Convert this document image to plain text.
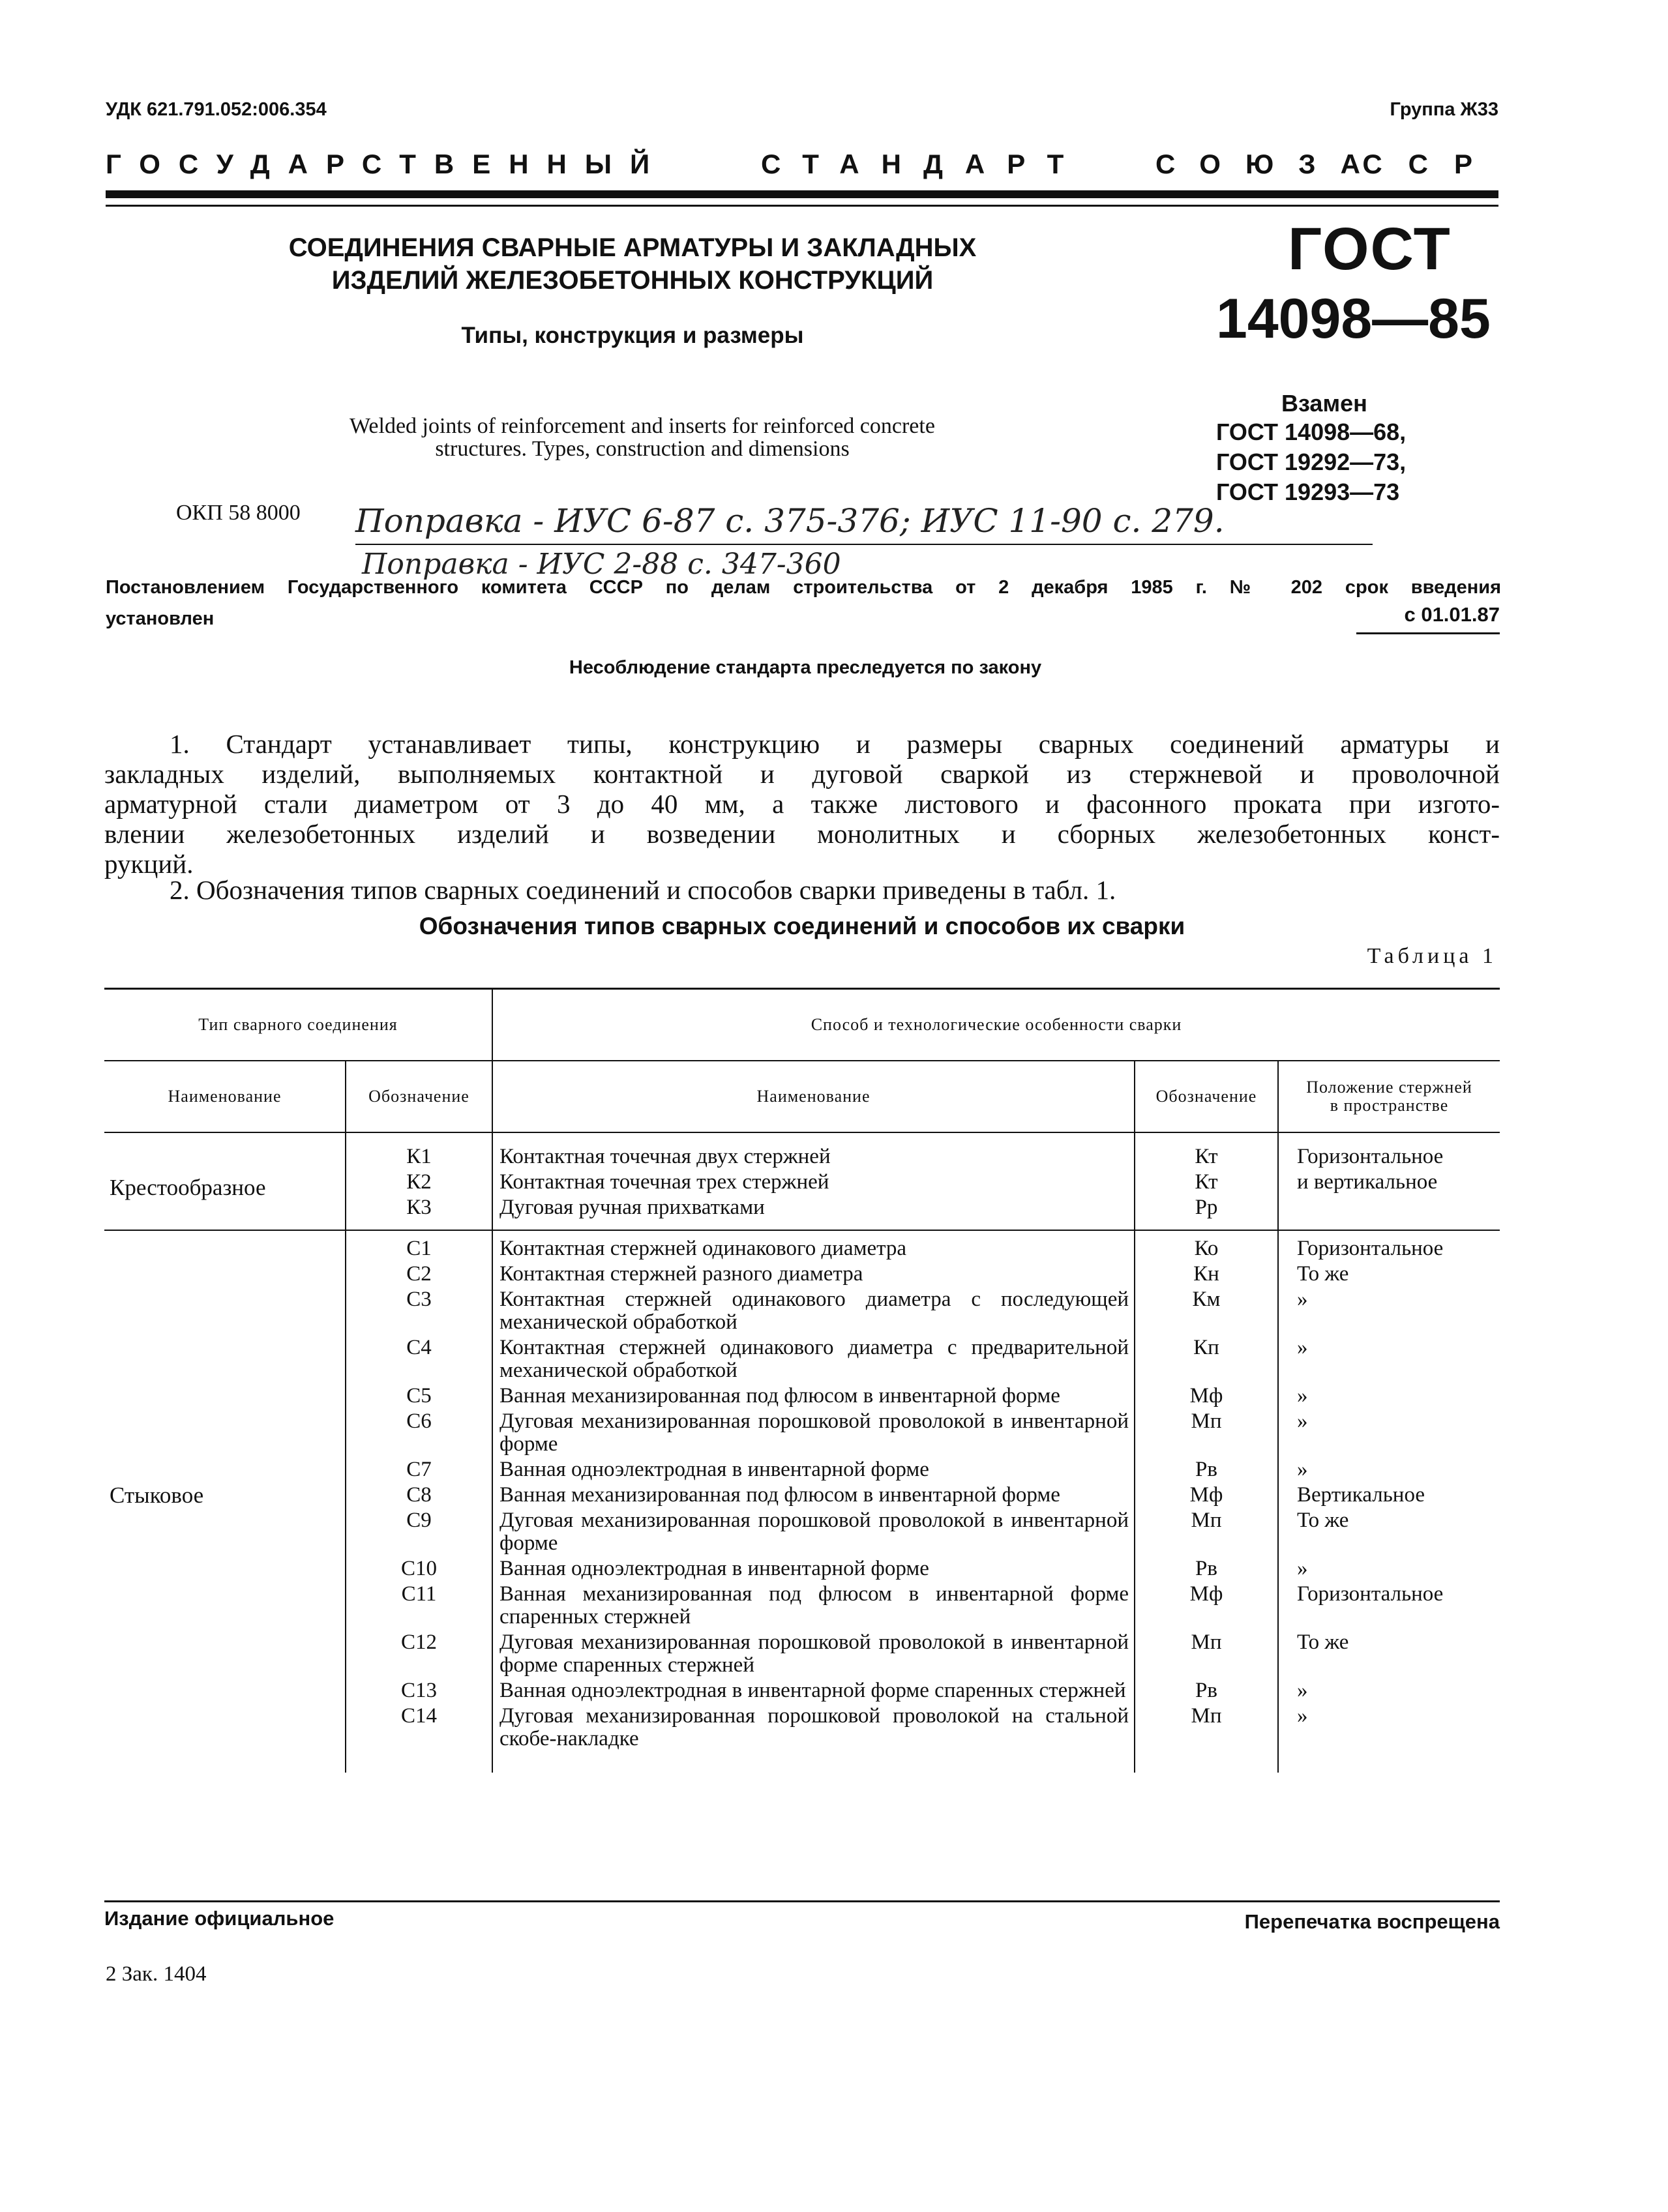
УДК 621.791.052:006.354	Группа Ж33
ГОСУДАРСТВЕННЫЙ	СТАНДАРТ	СОЮЗА
ССР
СОЕДИНЕНИЯ СВАРНЫЕ АРМАТУРЫ И ЗАКЛАДНЫХ
ИЗДЕЛИЙ ЖЕЛЕЗОБЕТОННЫХ КОНСТРУКЦИЙ
Типы, конструкция и размеры
Welded joints of reinforcement and inserts for reinforced concrete
structures. Types, construction and dimensions
ГОСТ
14098—85
Взамен
ГОСТ 14098—68,
ГОСТ 19292—73,
ГОСТ 19293—73
ОКП 58 8000 Поправка - ИУС 6-87 с. 375-376; ИУС 11-90 с. 279.
Поправка - ИУС 2-88 с. 347-360
Постановлением Государственного комитета СССР по делам строительства от 2 декабря 1985 г. № 202 срок введения
установлен	с 01.01.87
Несоблюдение стандарта преследуется по закону
1. Стандарт устанавливает типы, конструкцию и размеры сварных соединений арматуры и
закладных изделий, выполняемых контактной и дуговой сваркой из стержневой и проволочной
арматурной стали диаметром от 3 до 40 мм, а также листового и фасонного проката при изгото-
влении железобетонных изделий и возведении монолитных и сборных железобетонных конст-
рукций.
2. Обозначения типов сварных соединений и способов сварки приведены в табл. 1.
Обозначения типов сварных соединений и способов их сварки
Таблица 1
Тип сварного соединения		Способ и технологические особенности сварки		
Наименование	Обозначение	Наименование	Обозначение	Положение стержней
в пространстве

Крестообразное	К1	Контактная точечная двух стержней	Кт	Горизонтальное
	К2	Контактная точечная трех стержней	Кт	и вертикальное
	К3	Дуговая ручная прихватками	Рр	
Стыковое	С1	Контактная стержней одинакового диаметра	Ко	Горизонтальное
	С2	Контактная стержней разного диаметра	Кн	То же
	С3	Контактная стержней одинакового диаметра с последующей механической обработкой	Км	»
	С4	Контактная стержней одинакового диаметра с предварительной механической обработкой	Кп	»
	С5	Ванная механизированная под флюсом в инвентарной форме	Мф	»
	С6	Дуговая механизированная порошковой проволокой в инвентарной форме	Мп	»
	С7	Ванная одноэлектродная в инвентарной форме	Рв	»
	С8	Ванная механизированная под флюсом в инвентарной форме	Мф	Вертикальное
	С9	Дуговая механизированная порошковой проволокой в инвентарной форме	Мп	То же
	С10	Ванная одноэлектродная в инвентарной форме	Рв	»
	С11	Ванная механизированная под флюсом в инвентарной форме спаренных стержней	Мф	Горизонтальное
	С12	Дуговая механизированная порошковой проволокой в инвентарной форме спаренных стержней	Мп	То же
	С13	Ванная одноэлектродная в инвентарной форме спаренных стержней	Рв	»
	С14	Дуговая механизированная порошковой проволокой на стальной скобе-накладке	Мп	»

Издание официальное	Перепечатка воспрещена
2 Зак. 1404
